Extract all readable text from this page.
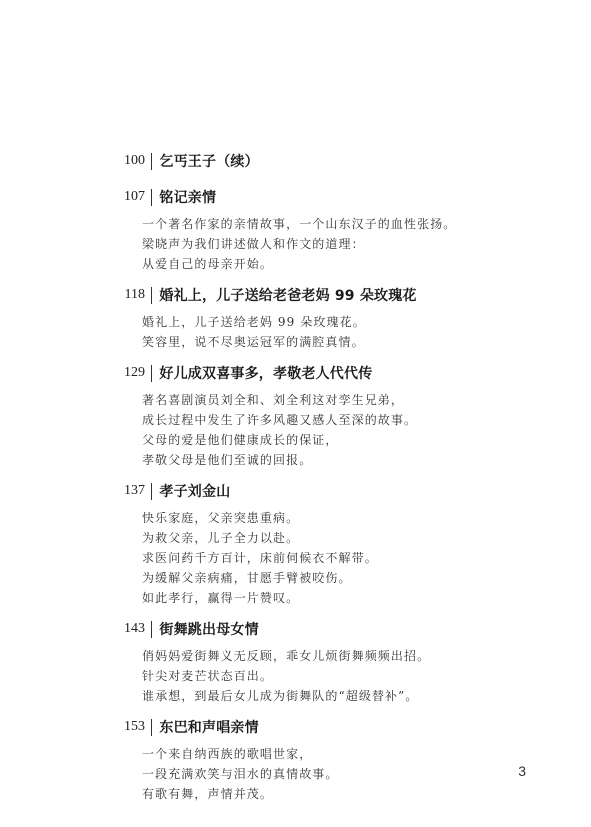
100 乞丐王子（续）
107 铭记亲情
一个著名作家的亲情故事，一个山东汉子的血性张扬。
梁晓声为我们讲述做人和作文的道理：
从爱自己的母亲开始。
118 婚礼上，儿子送给老爸老妈 99 朵玫瑰花
婚礼上，儿子送给老妈 99 朵玫瑰花。
笑容里，说不尽奥运冠军的满腔真情。
129 好儿成双喜事多，孝敬老人代代传
著名喜剧演员刘全和、刘全利这对孪生兄弟，
成长过程中发生了许多风趣又感人至深的故事。
父母的爱是他们健康成长的保证，
孝敬父母是他们至诚的回报。
137 孝子刘金山
快乐家庭，父亲突患重病。
为救父亲，儿子全力以赴。
求医问药千方百计，床前伺候衣不解带。
为缓解父亲病痛，甘愿手臂被咬伤。
如此孝行，赢得一片赞叹。
143 街舞跳出母女情
俏妈妈爱街舞义无反顾，乖女儿烦街舞频频出招。
针尖对麦芒状态百出。
谁承想，到最后女儿成为街舞队的“超级替补”。
153 东巴和声唱亲情
一个来自纳西族的歌唱世家，
一段充满欢笑与泪水的真情故事。
有歌有舞，声情并茂。
3
